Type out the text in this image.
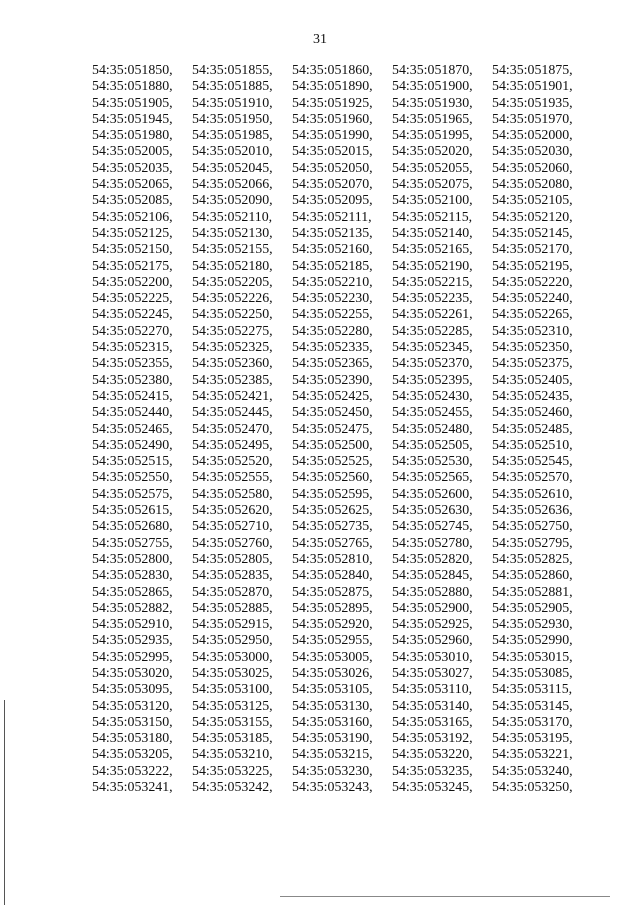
31
54:35:051850,	54:35:051855,	54:35:051860,	54:35:051870,	54:35:051875,
54:35:051880,	54:35:051885,	54:35:051890,	54:35:051900,	54:35:051901,
54:35:051905,	54:35:051910,	54:35:051925,	54:35:051930,	54:35:051935,
54:35:051945,	54:35:051950,	54:35:051960,	54:35:051965,	54:35:051970,
54:35:051980,	54:35:051985,	54:35:051990,	54:35:051995,	54:35:052000,
54:35:052005,	54:35:052010,	54:35:052015,	54:35:052020,	54:35:052030,
54:35:052035,	54:35:052045,	54:35:052050,	54:35:052055,	54:35:052060,
54:35:052065,	54:35:052066,	54:35:052070,	54:35:052075,	54:35:052080,
54:35:052085,	54:35:052090,	54:35:052095,	54:35:052100,	54:35:052105,
54:35:052106,	54:35:052110,	54:35:052111,	54:35:052115,	54:35:052120,
54:35:052125,	54:35:052130,	54:35:052135,	54:35:052140,	54:35:052145,
54:35:052150,	54:35:052155,	54:35:052160,	54:35:052165,	54:35:052170,
54:35:052175,	54:35:052180,	54:35:052185,	54:35:052190,	54:35:052195,
54:35:052200,	54:35:052205,	54:35:052210,	54:35:052215,	54:35:052220,
54:35:052225,	54:35:052226,	54:35:052230,	54:35:052235,	54:35:052240,
54:35:052245,	54:35:052250,	54:35:052255,	54:35:052261,	54:35:052265,
54:35:052270,	54:35:052275,	54:35:052280,	54:35:052285,	54:35:052310,
54:35:052315,	54:35:052325,	54:35:052335,	54:35:052345,	54:35:052350,
54:35:052355,	54:35:052360,	54:35:052365,	54:35:052370,	54:35:052375,
54:35:052380,	54:35:052385,	54:35:052390,	54:35:052395,	54:35:052405,
54:35:052415,	54:35:052421,	54:35:052425,	54:35:052430,	54:35:052435,
54:35:052440,	54:35:052445,	54:35:052450,	54:35:052455,	54:35:052460,
54:35:052465,	54:35:052470,	54:35:052475,	54:35:052480,	54:35:052485,
54:35:052490,	54:35:052495,	54:35:052500,	54:35:052505,	54:35:052510,
54:35:052515,	54:35:052520,	54:35:052525,	54:35:052530,	54:35:052545,
54:35:052550,	54:35:052555,	54:35:052560,	54:35:052565,	54:35:052570,
54:35:052575,	54:35:052580,	54:35:052595,	54:35:052600,	54:35:052610,
54:35:052615,	54:35:052620,	54:35:052625,	54:35:052630,	54:35:052636,
54:35:052680,	54:35:052710,	54:35:052735,	54:35:052745,	54:35:052750,
54:35:052755,	54:35:052760,	54:35:052765,	54:35:052780,	54:35:052795,
54:35:052800,	54:35:052805,	54:35:052810,	54:35:052820,	54:35:052825,
54:35:052830,	54:35:052835,	54:35:052840,	54:35:052845,	54:35:052860,
54:35:052865,	54:35:052870,	54:35:052875,	54:35:052880,	54:35:052881,
54:35:052882,	54:35:052885,	54:35:052895,	54:35:052900,	54:35:052905,
54:35:052910,	54:35:052915,	54:35:052920,	54:35:052925,	54:35:052930,
54:35:052935,	54:35:052950,	54:35:052955,	54:35:052960,	54:35:052990,
54:35:052995,	54:35:053000,	54:35:053005,	54:35:053010,	54:35:053015,
54:35:053020,	54:35:053025,	54:35:053026,	54:35:053027,	54:35:053085,
54:35:053095,	54:35:053100,	54:35:053105,	54:35:053110,	54:35:053115,
54:35:053120,	54:35:053125,	54:35:053130,	54:35:053140,	54:35:053145,
54:35:053150,	54:35:053155,	54:35:053160,	54:35:053165,	54:35:053170,
54:35:053180,	54:35:053185,	54:35:053190,	54:35:053192,	54:35:053195,
54:35:053205,	54:35:053210,	54:35:053215,	54:35:053220,	54:35:053221,
54:35:053222,	54:35:053225,	54:35:053230,	54:35:053235,	54:35:053240,
54:35:053241,	54:35:053242,	54:35:053243,	54:35:053245,	54:35:053250,
